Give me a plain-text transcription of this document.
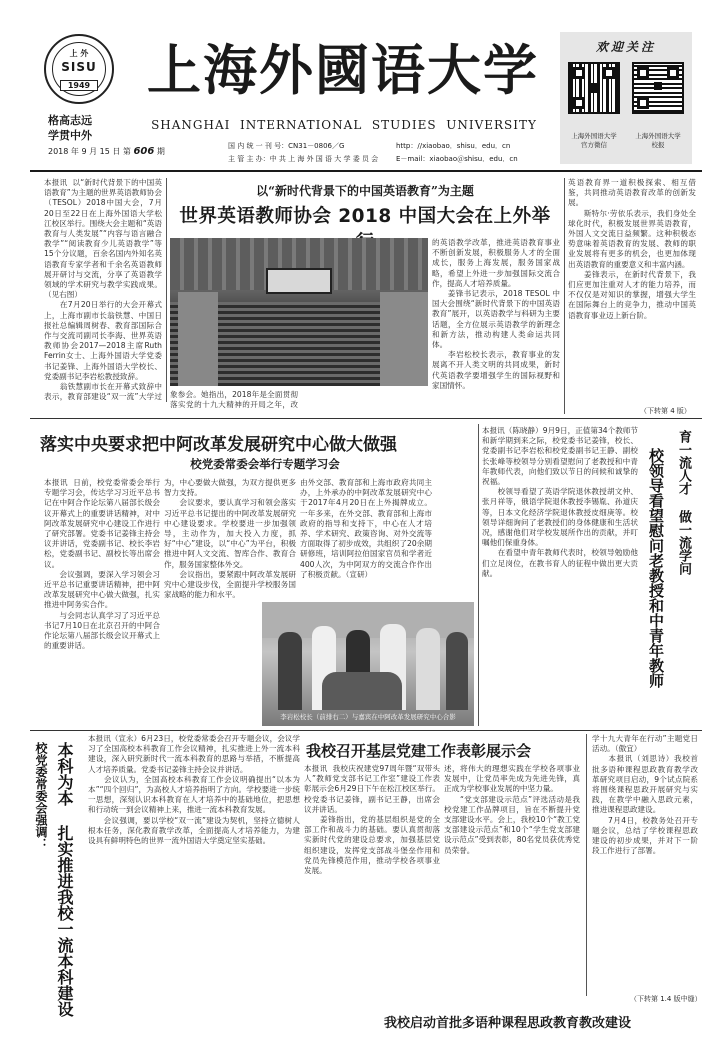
上 外
SISU
1949
格高志远
学贯中外
上海外國语大学
SHANGHAI  INTERNATIONAL  STUDIES  UNIVERSITY
2018 年 9 月 15 日 第 606 期
国 内 统 一 刊 号：CN31－0806／G	http：//xiaobao．shisu．edu．cn
主 管 主 办：中 共 上 海 外 国 语 大 学 委 员 会	E－mail：xiaobao＠shisu．edu．cn
欢迎关注
上海外国语大学
官方微信
上海外国语大学
校报
本报讯  以“新时代背景下的中国英语教育”为主题的世界英语教师协会（TESOL）2018中国大会，7月20日至22日在上海外国语大学松江校区举行。围绕大会主题和“英语教育与人类发展”“内容与语言融合教学”“阅读教育少儿英语教学”等15个分议题，百余名国内外知名英语教育专家学者和千余名英语教师展开研讨与交流，分享了英语教学领域的学术研究与教学实践成果。（见右图）
　　在7月20日举行的大会开幕式上，上海市副市长翁铁慧、中国日报社总编辑周树春、教育部国际合作与交流司副司长李海、世界英语教师协会2017—2018主席Ruth Ferrin女士、上海外国语大学党委书记姜锋、上海外国语大学校长、党委副书记李岩松教授致辞。
　　翁铁慧副市长在开幕式致辞中表示，教育部建设“双一流”大学过
以“新时代背景下的中国英语教育”为主题
世界英语教师协会 2018 中国大会在上外举
象参会。她指出，2018年是全面贯彻落实党的十九大精神的开局之年，改
的英语教学改革，推进英语教育事业不断创新发展，积极服务人才的全面成长，服务上海发展，服务国家战略，希望上外进一步加强国际交流合作，提高人才培养质量。
　　姜锋书记表示，2018 TESOL 中国大会围绕“新时代背景下的中国英语教育”展开，以英语教学与科研为主要话题，全方位展示英语教学的新理念和新方法，推动构建人类命运共同体。
　　李岩松校长表示，教育事业的发展离不开人类文明的共同成果，新时代英语教学要增强学生的国际视野和家国情怀。
英语教育界一道积极探索、相互借鉴，共同推动英语教育改革的创新发展。
　　斯特尔·劳依乐表示，我们身处全球化时代，积极发展世界英语教育，外国人文交流日益频繁。这种积极态势意味着英语教育的发展、教师的职业发展将有更多的机会，也更加体现出英语教育的重要意义和丰富内涵。
　　姜锋表示，在新时代背景下，我们应更加注重对人才的能力培养，而不仅仅是对知识的掌握，增强大学生在国际舞台上的竞争力，推动中国英语教育事业迈上新台阶。
（下转第 4 版）
落实中央要求把中阿改革发展研究中心做大做强
校党委常委会举行专题学习会
本报讯  日前，校党委常委会举行专题学习会，传达学习习近平总书记在中阿合作论坛第八届部长级会议开幕式上的重要讲话精神，对中阿改革发展研究中心建设工作进行了研究部署。党委书记姜锋主持会议并讲话，党委副书记、校长李岩松，党委副书记、副校长等出席会议。
　　会议强调，要深入学习领会习近平总书记重要讲话精神，把中阿改革发展研究中心做大做强，扎实推进中阿务实合作。
　　与会同志认真学习了习近平总书记7月10日在北京召开的中阿合作论坛第八届部长级会议开幕式上的重要讲话。
为，中心要做大做强，为双方提供更多智力支持。
　　会议要求，要认真学习和领会落实习近平总书记提出的中阿改革发展研究中心建设要求。学校要进一步加强领导，主动作为，加大投入力度，抓好“中心”建设，以“中心”为平台，积极推进中阿人文交流、智库合作、教育合作，服务国家整体外交。
　　会议指出，要紧跟中阿改革发展研究中心建设步伐，全面提升学校服务国家战略的能力和水平。
由外交部、教育部和上海市政府共同主办，上外承办的中阿改革发展研究中心于2017年4月20日在上外揭牌成立。一年多来，在外交部、教育部和上海市政府的指导和支持下，中心在人才培养、学术研究、政策咨询、对外交流等方面取得了初步成效，共组织了20余期研修班，培训阿拉伯国家官员和学者近400人次，为中阿双方的交流合作作出了积极贡献。（宣研）
李岩松校长（前排右二）与嘉宾在中阿改革发展研究中心合影
本报讯（陈晓静）9月9日，正值第34个教师节和新学期到来之际，校党委书记姜锋，校长、党委副书记李岩松和校党委副书记王静、副校长张峰等校领导分别看望慰问了老教授和中青年教师代表，向他们致以节日的问候和诚挚的祝福。
　　校领导看望了英语学院退休教授胡文仲、张月祥等，俄语学院退休教授李锡胤、孙道庆等，日本文化经济学院退休教授皮细庚等。校领导详细询问了老教授们的身体健康和生活状况，感谢他们对学校发展所作出的贡献，并叮嘱他们保重身体。
　　在看望中青年教师代表时，校领导勉励他们立足岗位，在教书育人的征程中做出更大贡献。	育一流人才 做一流学问
校领导看望慰问老教授和中青年教师
校党委常委会强调： 本科为本 扎实推进我校一流本科建设
本报讯（宣永）6月23日，校党委常委会召开专题会议，会议学习了全国高校本科教育工作会议精神，扎实推进上外一流本科建设，深入研究新时代一流本科教育的思路与举措，不断提高人才培养质量。党委书记姜锋主持会议并讲话。
　　会议认为，全国高校本科教育工作会议明确提出“以本为本”“四个回归”，为高校人才培养指明了方向。学校要进一步统一思想，深刻认识本科教育在人才培养中的基础地位，把思想和行动统一到会议精神上来，推进一流本科教育发展。
　　会议强调，要以学校“双一流”建设为契机，坚持立德树人根本任务，深化教育教学改革，全面提高人才培养能力，为建设具有鲜明特色的世界一流外国语大学奠定坚实基础。
我校召开基层党建工作表彰展示会
本报讯  我校庆祝建党97周年暨“双带头人”教师党支部书记工作室”建设工作表彰展示会6月29日下午在松江校区举行。校党委书记姜锋，副书记王静，出席会议并讲话。
　　姜锋指出，党的基层组织是党的全部工作和战斗力的基础。要认真贯彻落实新时代党的建设总要求，加强基层党组织建设，发挥党支部战斗堡垒作用和党员先锋模范作用，推动学校各项事业发展。
述，将伟大的理想实践在学校各项事业发展中，让党员率先成为先进先锋，真正成为学校事业发展的中坚力量。
　　“党支部建设示范点”评选活动是我校党建工作品牌项目，旨在不断提升党支部建设水平。会上，我校10个“教工党支部建设示范点”和10个“学生党支部建设示范点”受到表彰，80名党员获优秀党员荣誉。
学十九大青年在行动”主题党日活动。（傲宜）
　　本报讯（刘思诗）我校首批多语种课程思政教育教学改革研究项目启动，9个试点院系将围绕课程思政开展研究与实践，在教学中融入思政元素，推进课程思政建设。
　　7月4日，校教务处召开专题会议，总结了学校课程思政建设的初步成果，并对下一阶段工作进行了部署。
（下转第 1.4 版中缝）
我校启动首批多语种课程思政教育教改建设
